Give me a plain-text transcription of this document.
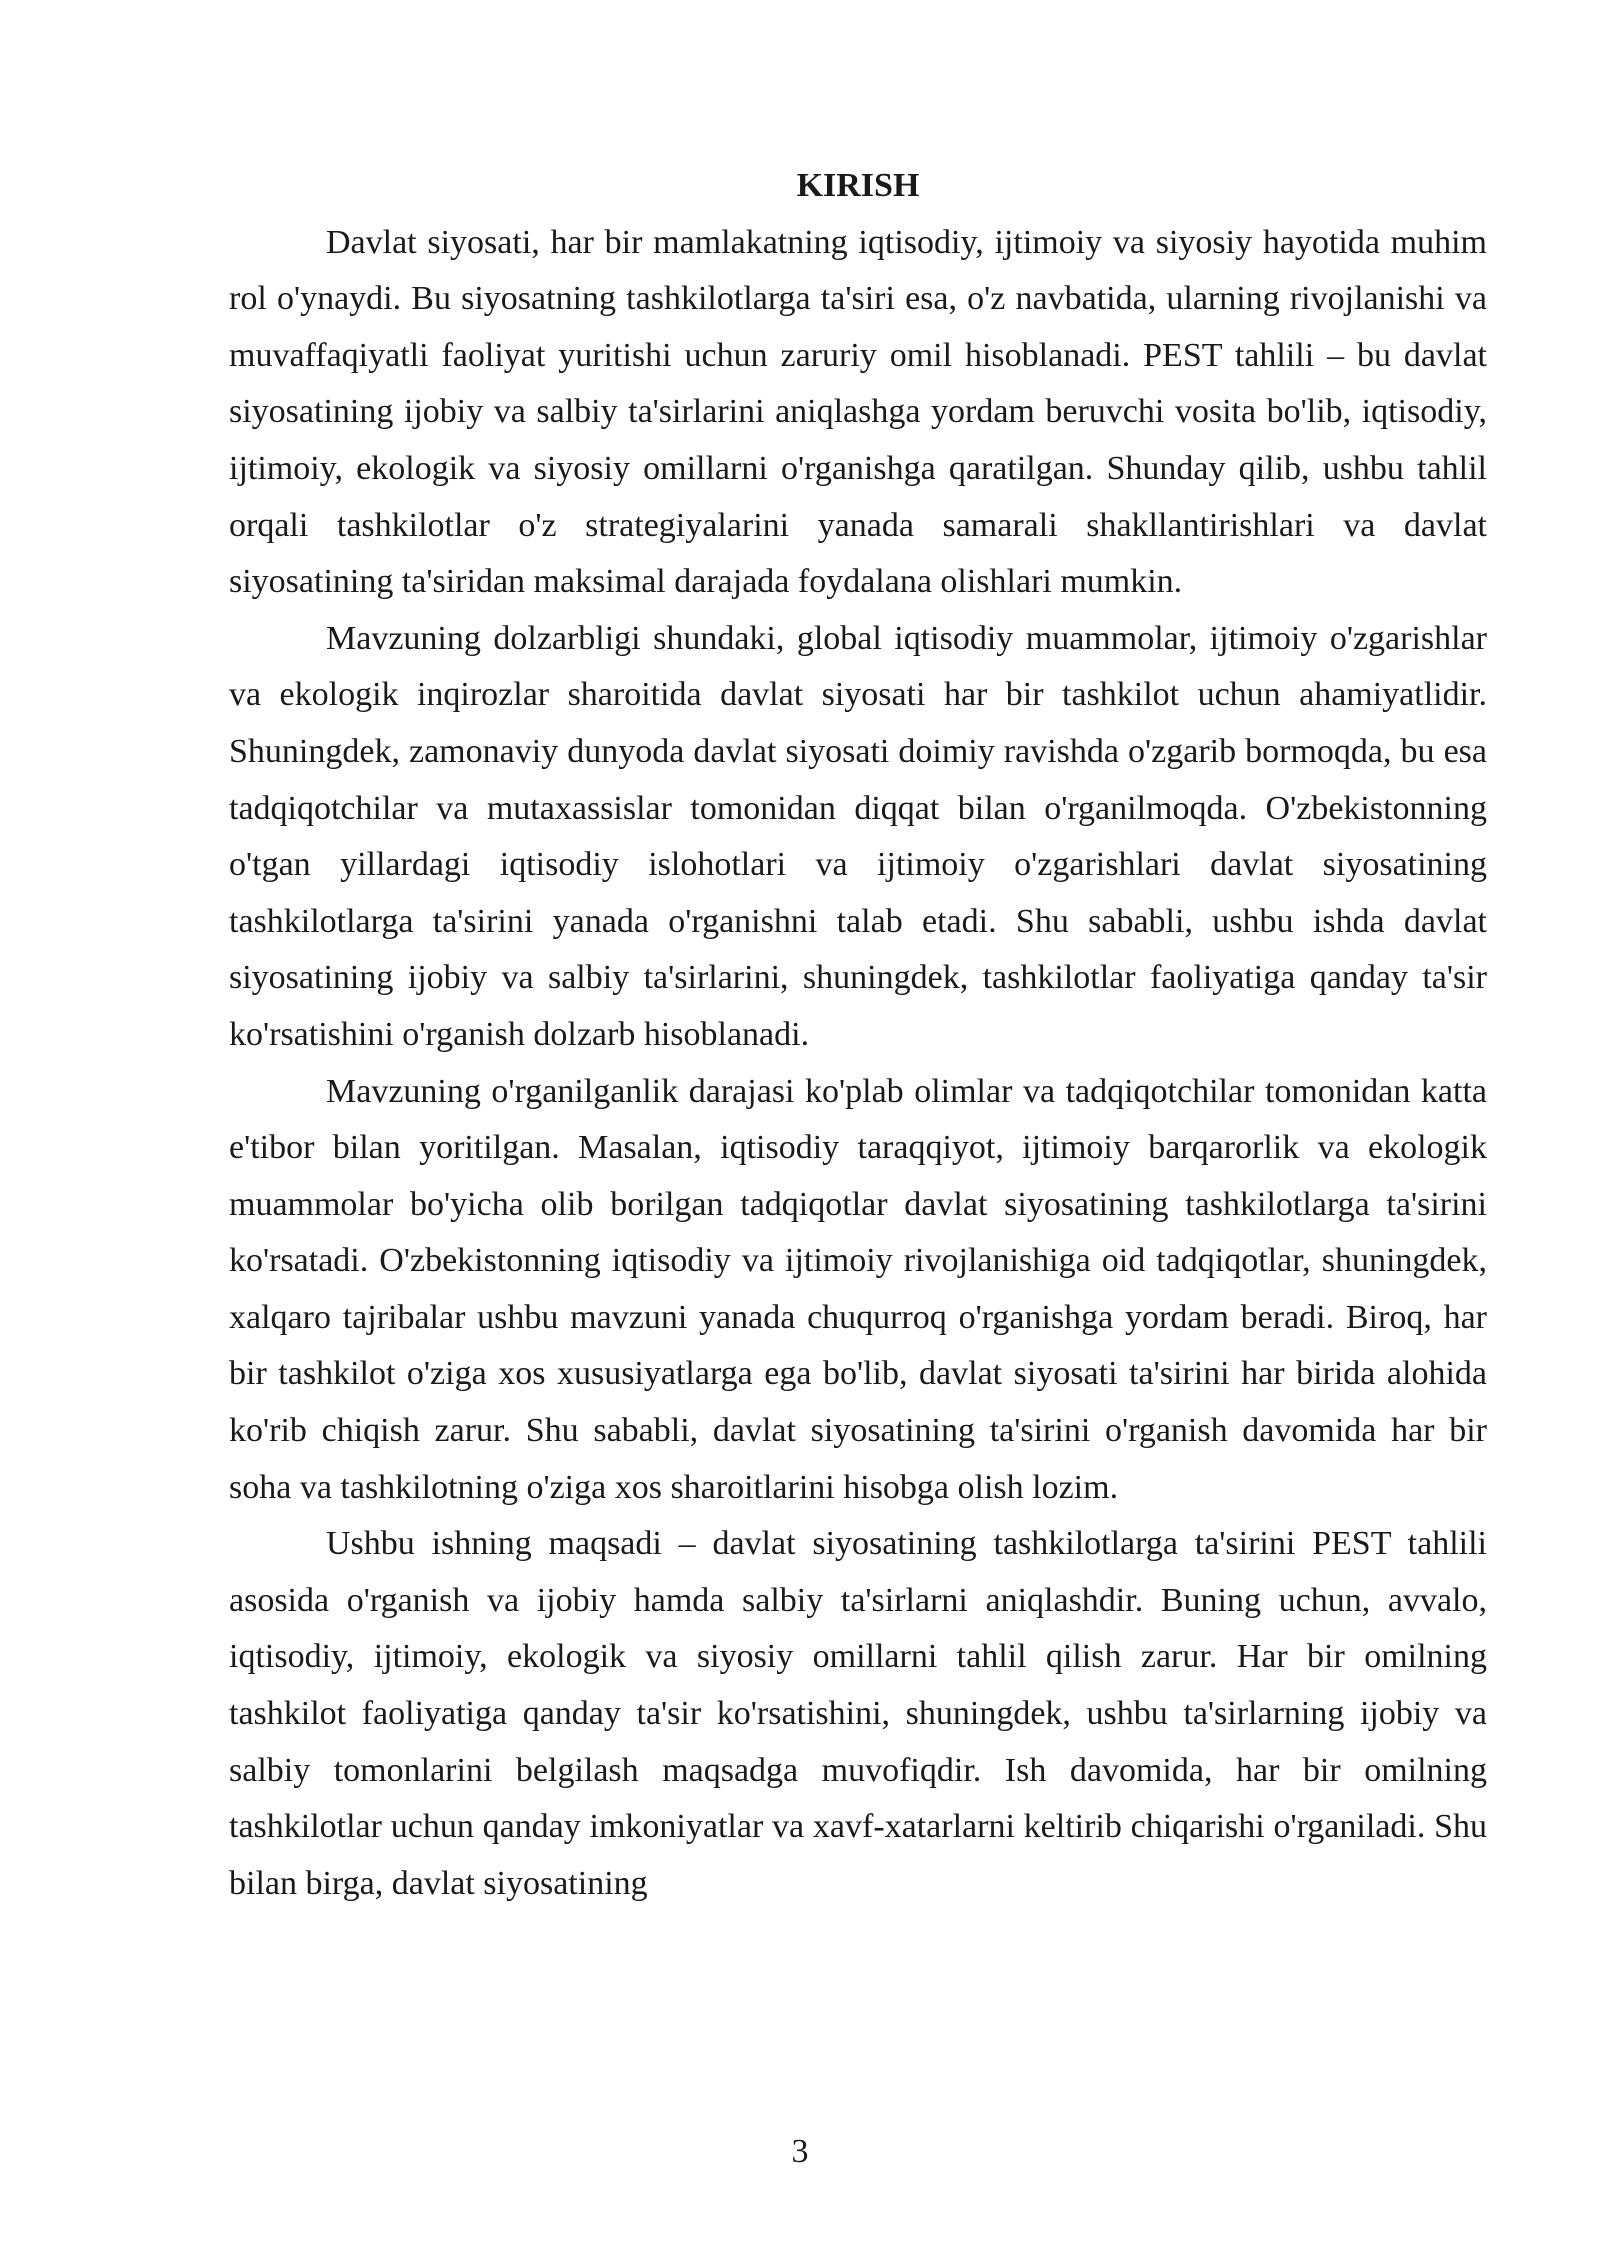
KIRISH

Davlat siyosati, har bir mamlakatning iqtisodiy, ijtimoiy va siyosiy hayotida muhim rol o'ynaydi. Bu siyosatning tashkilotlarga ta'siri esa, o'z navbatida, ularning rivojlanishi va muvaffaqiyatli faoliyat yuritishi uchun zaruriy omil hisoblanadi. PEST tahlili – bu davlat siyosatining ijobiy va salbiy ta'sirlarini aniqlashga yordam beruvchi vosita bo'lib, iqtisodiy, ijtimoiy, ekologik va siyosiy omillarni o'rganishga qaratilgan. Shunday qilib, ushbu tahlil orqali tashkilotlar o'z strategiyalarini yanada samarali shakllantirishlari va davlat siyosatining ta'siridan maksimal darajada foydalana olishlari mumkin.

Mavzuning dolzarbligi shundaki, global iqtisodiy muammolar, ijtimoiy o'zgarishlar va ekologik inqirozlar sharoitida davlat siyosati har bir tashkilot uchun ahamiyatlidir. Shuningdek, zamonaviy dunyoda davlat siyosati doimiy ravishda o'zgarib bormoqda, bu esa tadqiqotchilar va mutaxassislar tomonidan diqqat bilan o'rganilmoqda. O'zbekistonning o'tgan yillardagi iqtisodiy islohotlari va ijtimoiy o'zgarishlari davlat siyosatining tashkilotlarga ta'sirini yanada o'rganishni talab etadi. Shu sababli, ushbu ishda davlat siyosatining ijobiy va salbiy ta'sirlarini, shuningdek, tashkilotlar faoliyatiga qanday ta'sir ko'rsatishini o'rganish dolzarb hisoblanadi.

Mavzuning o'rganilganlik darajasi ko'plab olimlar va tadqiqotchilar tomonidan katta e'tibor bilan yoritilgan. Masalan, iqtisodiy taraqqiyot, ijtimoiy barqarorlik va ekologik muammolar bo'yicha olib borilgan tadqiqotlar davlat siyosatining tashkilotlarga ta'sirini ko'rsatadi. O'zbekistonning iqtisodiy va ijtimoiy rivojlanishiga oid tadqiqotlar, shuningdek, xalqaro tajribalar ushbu mavzuni yanada chuqurroq o'rganishga yordam beradi. Biroq, har bir tashkilot o'ziga xos xususiyatlarga ega bo'lib, davlat siyosati ta'sirini har birida alohida ko'rib chiqish zarur. Shu sababli, davlat siyosatining ta'sirini o'rganish davomida har bir soha va tashkilotning o'ziga xos sharoitlarini hisobga olish lozim.

Ushbu ishning maqsadi – davlat siyosatining tashkilotlarga ta'sirini PEST tahlili asosida o'rganish va ijobiy hamda salbiy ta'sirlarni aniqlashdir. Buning uchun, avvalo, iqtisodiy, ijtimoiy, ekologik va siyosiy omillarni tahlil qilish zarur. Har bir omilning tashkilot faoliyatiga qanday ta'sir ko'rsatishini, shuningdek, ushbu ta'sirlarning ijobiy va salbiy tomonlarini belgilash maqsadga muvofiqdir. Ish davomida, har bir omilning tashkilotlar uchun qanday imkoniyatlar va xavf-xatarlarni keltirib chiqarishi o'rganiladi. Shu bilan birga, davlat siyosatining

3
